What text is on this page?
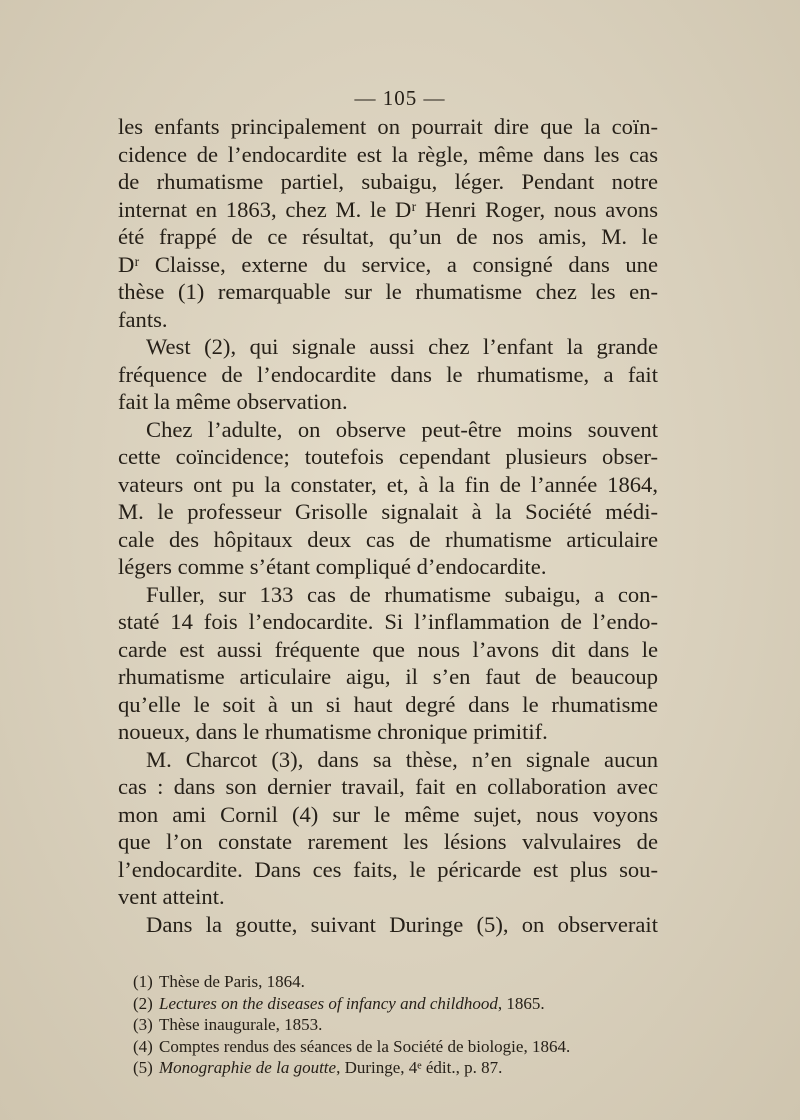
— 105 —
les enfants principalement on pourrait dire que la coïn-
cidence de l’endocardite est la règle, même dans les cas
de rhumatisme partiel, subaigu, léger. Pendant notre
internat en 1863, chez M. le Dʳ Henri Roger, nous avons
été frappé de ce résultat, qu’un de nos amis, M. le
Dʳ Claisse, externe du service, a consigné dans une
thèse (1) remarquable sur le rhumatisme chez les en-
fants.
West (2), qui signale aussi chez l’enfant la grande
fréquence de l’endocardite dans le rhumatisme, a fait
fait la même observation.
Chez l’adulte, on observe peut-être moins souvent
cette coïncidence; toutefois cependant plusieurs obser-
vateurs ont pu la constater, et, à la fin de l’année 1864,
M. le professeur Grisolle signalait à la Société médi-
cale des hôpitaux deux cas de rhumatisme articulaire
légers comme s’étant compliqué d’endocardite.
Fuller, sur 133 cas de rhumatisme subaigu, a con-
staté 14 fois l’endocardite. Si l’inflammation de l’endo-
carde est aussi fréquente que nous l’avons dit dans le
rhumatisme articulaire aigu, il s’en faut de beaucoup
qu’elle le soit à un si haut degré dans le rhumatisme
noueux, dans le rhumatisme chronique primitif.
M. Charcot (3), dans sa thèse, n’en signale aucun
cas : dans son dernier travail, fait en collaboration avec
mon ami Cornil (4) sur le même sujet, nous voyons
que l’on constate rarement les lésions valvulaires de
l’endocardite. Dans ces faits, le péricarde est plus sou-
vent atteint.
Dans la goutte, suivant Duringe (5), on observerait
(1) Thèse de Paris, 1864.
(2) Lectures on the diseases of infancy and childhood, 1865.
(3) Thèse inaugurale, 1853.
(4) Comptes rendus des séances de la Société de biologie, 1864.
(5) Monographie de la goutte, Duringe, 4ᵉ édit., p. 87.
